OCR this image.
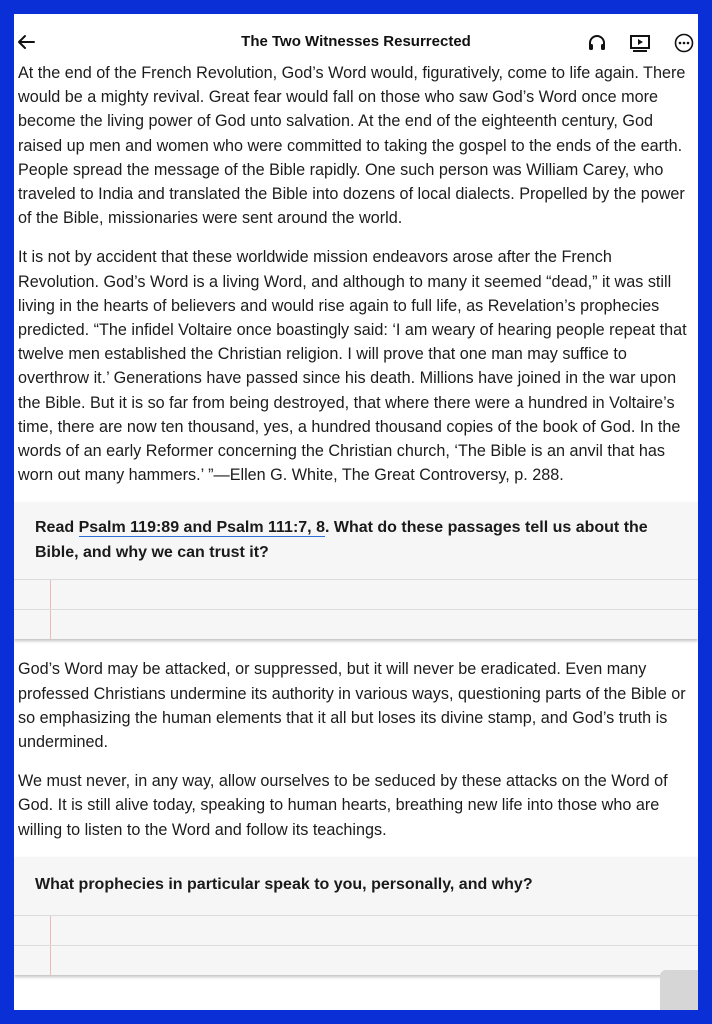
The Two Witnesses Resurrected

At the end of the French Revolution, God’s Word would, figuratively, come to life again. There would be a mighty revival. Great fear would fall on those who saw God’s Word once more become the living power of God unto salvation. At the end of the eighteenth century, God raised up men and women who were committed to taking the gospel to the ends of the earth. People spread the message of the Bible rapidly. One such person was William Carey, who traveled to India and translated the Bible into dozens of local dialects. Propelled by the power of the Bible, missionaries were sent around the world.

It is not by accident that these worldwide mission endeavors arose after the French Revolution. God’s Word is a living Word, and although to many it seemed “dead,” it was still living in the hearts of believers and would rise again to full life, as Revelation’s prophecies predicted. “The infidel Voltaire once boastingly said: ‘I am weary of hearing people repeat that twelve men established the Christian religion. I will prove that one man may suffice to overthrow it.’ Generations have passed since his death. Millions have joined in the war upon the Bible. But it is so far from being destroyed, that where there were a hundred in Voltaire’s time, there are now ten thousand, yes, a hundred thousand copies of the book of God. In the words of an early Reformer concerning the Christian church, ‘The Bible is an anvil that has worn out many hammers.’ ”—Ellen G. White, The Great Controversy, p. 288.

Read Psalm 119:89 and Psalm 111:7, 8. What do these passages tell us about the Bible, and why we can trust it?

God’s Word may be attacked, or suppressed, but it will never be eradicated. Even many professed Christians undermine its authority in various ways, questioning parts of the Bible or so emphasizing the human elements that it all but loses its divine stamp, and God’s truth is undermined.

We must never, in any way, allow ourselves to be seduced by these attacks on the Word of God. It is still alive today, speaking to human hearts, breathing new life into those who are willing to listen to the Word and follow its teachings.

What prophecies in particular speak to you, personally, and why?
